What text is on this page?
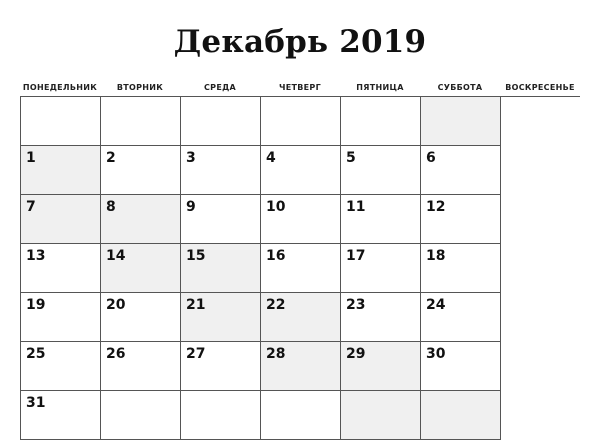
Декабрь 2019
ПОНЕДЕЛЬНИК	ВТОРНИК	СРЕДА	ЧЕТВЕРГ	ПЯТНИЦА	СУББОТА	ВОСКРЕСЕНЬЕ
1	2	3	4	5	6
7	8	9	10	11	12
13	14	15	16	17	18
19	20	21	22	23	24
25	26	27	28	29	30
31
